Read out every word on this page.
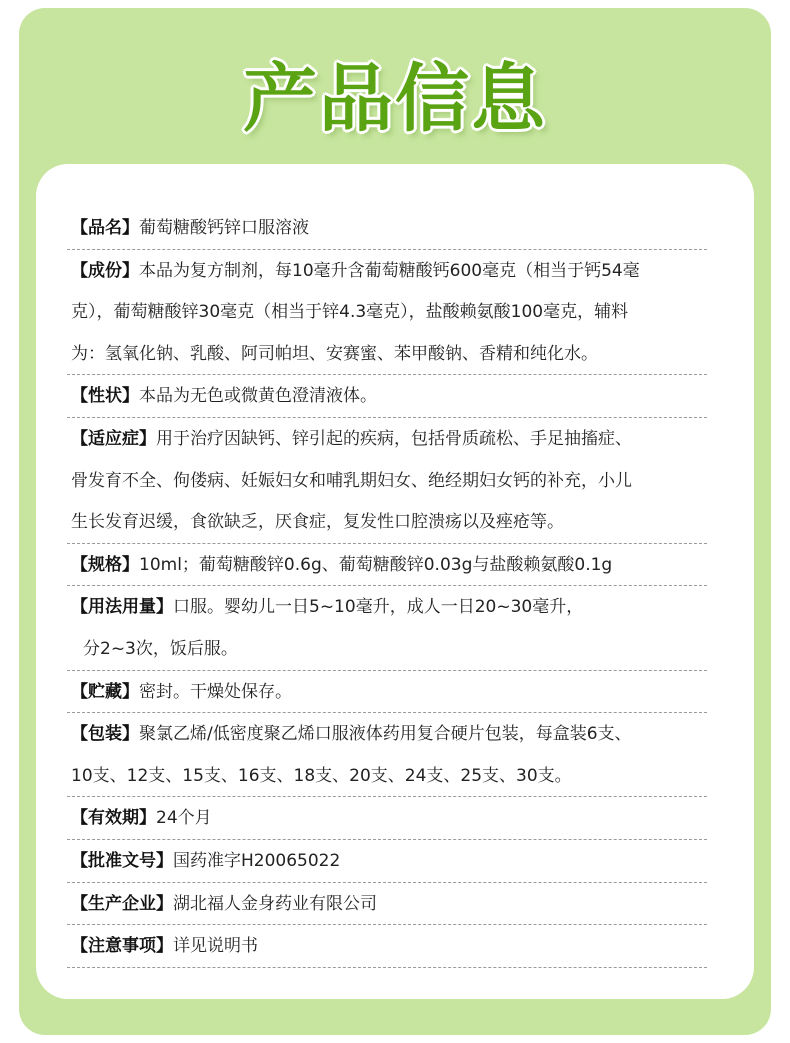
产品信息
【品名】葡萄糖酸钙锌口服溶液
【成份】本品为复方制剂，每10毫升含葡萄糖酸钙600毫克（相当于钙54毫
克），葡萄糖酸锌30毫克（相当于锌4.3毫克），盐酸赖氨酸100毫克，辅料
为：氢氧化钠、乳酸、阿司帕坦、安赛蜜、苯甲酸钠、香精和纯化水。
【性状】本品为无色或微黄色澄清液体。
【适应症】用于治疗因缺钙、锌引起的疾病，包括骨质疏松、手足抽搐症、
骨发育不全、佝偻病、妊娠妇女和哺乳期妇女、绝经期妇女钙的补充，小儿
生长发育迟缓，食欲缺乏，厌食症，复发性口腔溃疡以及痤疮等。
【规格】10ml；葡萄糖酸锌0.6g、葡萄糖酸锌0.03g与盐酸赖氨酸0.1g
【用法用量】口服。婴幼儿一日5~10毫升，成人一日20~30毫升，
分2~3次，饭后服。
【贮藏】密封。干燥处保存。
【包装】聚氯乙烯/低密度聚乙烯口服液体药用复合硬片包装，每盒装6支、
10支、12支、15支、16支、18支、20支、24支、25支、30支。
【有效期】24个月
【批准文号】国药准字H20065022
【生产企业】湖北福人金身药业有限公司
【注意事项】详见说明书
